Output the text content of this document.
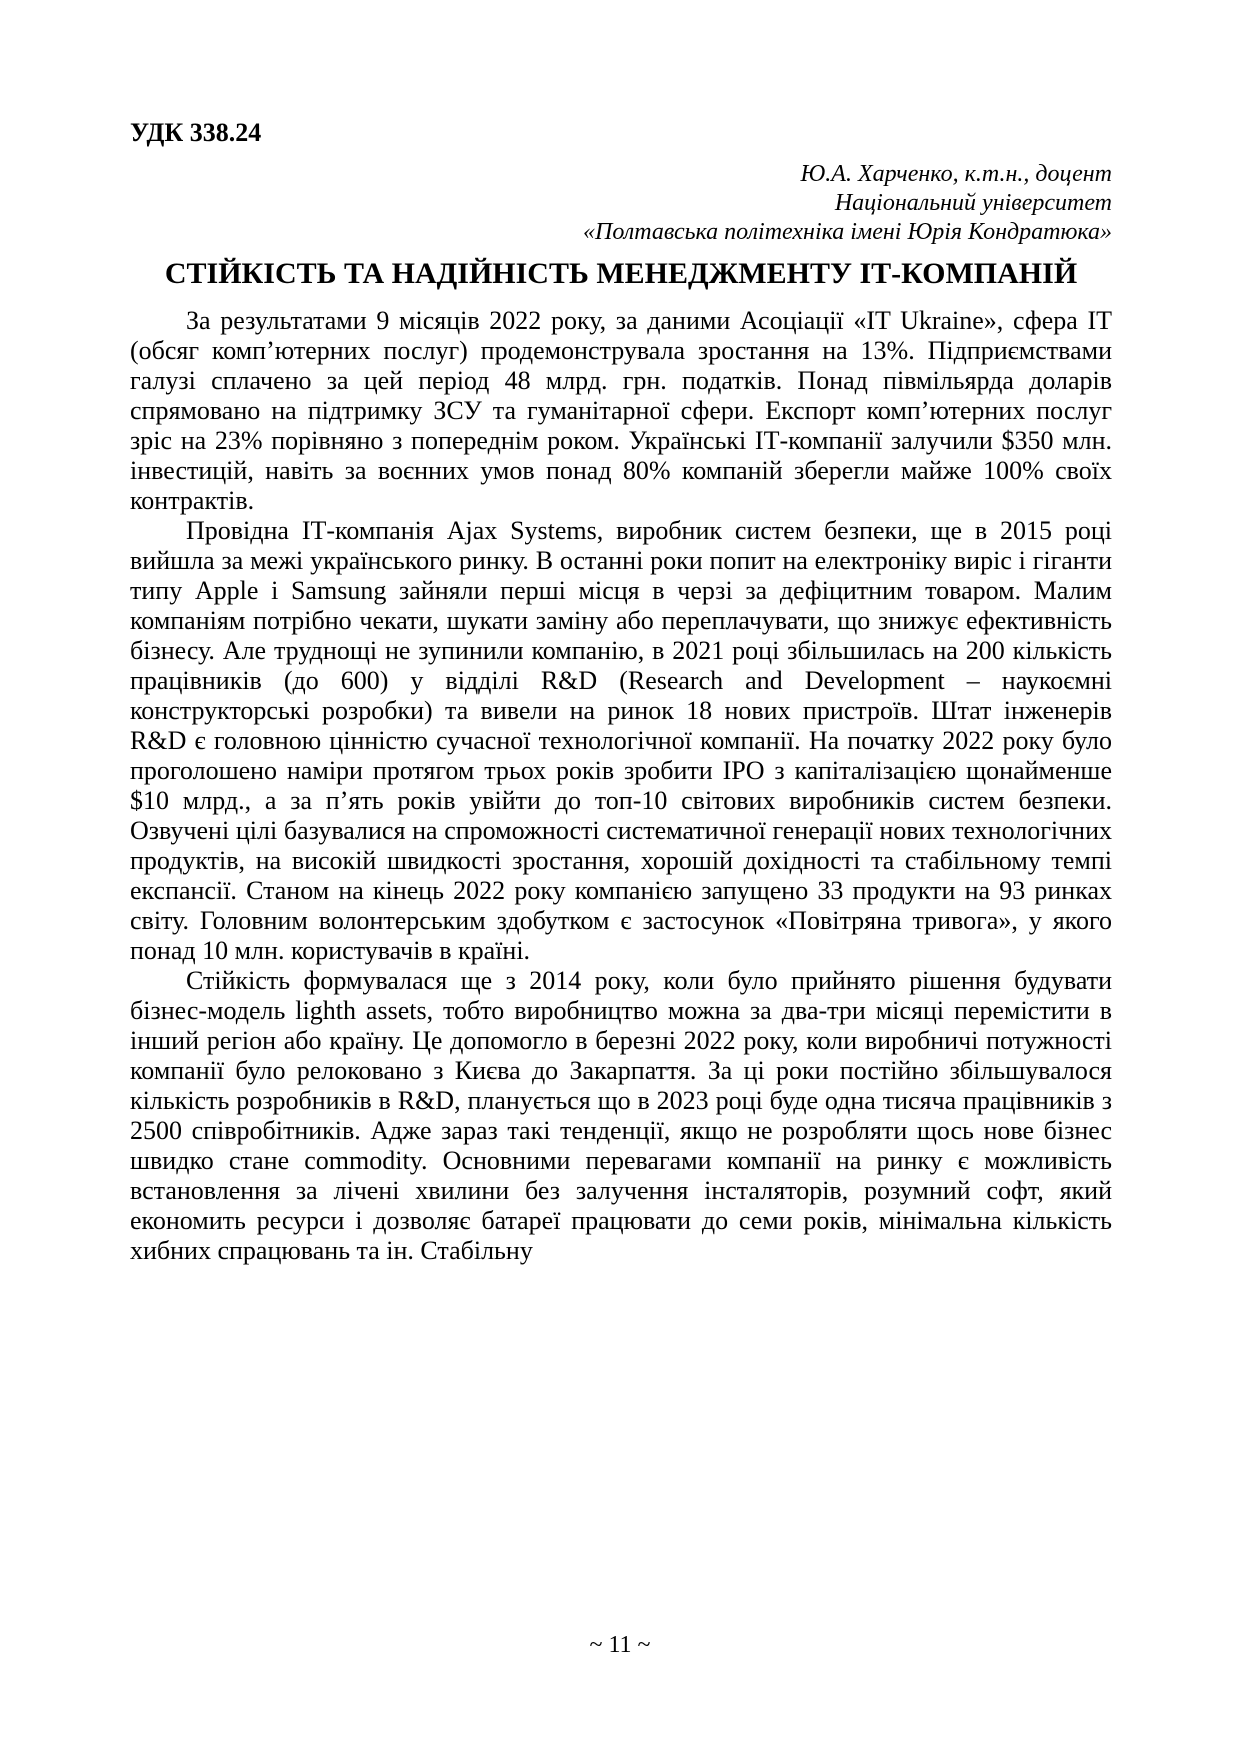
УДК 338.24
Ю.А. Харченко, к.т.н., доцент
Національний університет
«Полтавська політехніка імені Юрія Кондратюка»
СТІЙКІСТЬ ТА НАДІЙНІСТЬ МЕНЕДЖМЕНТУ ІТ-КОМПАНІЙ

За результатами 9 місяців 2022 року, за даними Асоціації «IT Ukraine», сфера ІТ (обсяг комп’ютерних послуг) продемонструвала зростання на 13%. Підприємствами галузі сплачено за цей період 48 млрд. грн. податків. Понад півмільярда доларів спрямовано на підтримку ЗСУ та гуманітарної сфери. Експорт комп’ютерних послуг зріс на 23% порівняно з попереднім роком. Українські ІТ-компанії залучили $350 млн. інвестицій, навіть за воєнних умов понад 80% компаній зберегли майже 100% своїх контрактів.

Провідна ІТ-компанія Ajax Systems, виробник систем безпеки, ще в 2015 році вийшла за межі українського ринку. В останні роки попит на електроніку виріс і гіганти типу Apple і Samsung зайняли перші місця в черзі за дефіцитним товаром. Малим компаніям потрібно чекати, шукати заміну або переплачувати, що знижує ефективність бізнесу. Але труднощі не зупинили компанію, в 2021 році збільшилась на 200 кількість працівників (до 600) у відділі R&D (Research and Development – наукоємні конструкторські розробки) та вивели на ринок 18 нових пристроїв. Штат інженерів R&D є головною цінністю сучасної технологічної компанії. На початку 2022 року було проголошено наміри протягом трьох років зробити IPO з капіталізацією щонайменше $10 млрд., а за п’ять років увійти до топ-10 світових виробників систем безпеки. Озвучені цілі базувалися на спроможності систематичної генерації нових технологічних продуктів, на високій швидкості зростання, хорошій дохідності та стабільному темпі експансії. Станом на кінець 2022 року компанією запущено 33 продукти на 93 ринках світу. Головним волонтерським здобутком є застосунок «Повітряна тривога», у якого понад 10 млн. користувачів в країні.

Стійкість формувалася ще з 2014 року, коли було прийнято рішення будувати бізнес-модель lighth assets, тобто виробництво можна за два-три місяці перемістити в інший регіон або країну. Це допомогло в березні 2022 року, коли виробничі потужності компанії було релоковано з Києва до Закарпаття. За ці роки постійно збільшувалося кількість розробників в R&D, планується що в 2023 році буде одна тисяча працівників з 2500 співробітників. Адже зараз такі тенденції, якщо не розробляти щось нове бізнес швидко стане commodity. Основними перевагами компанії на ринку є можливість встановлення за лічені хвилини без залучення інсталяторів, розумний софт, який економить ресурси і дозволяє батареї працювати до семи років, мінімальна кількість хибних спрацювань та ін. Стабільну

~ 11 ~
